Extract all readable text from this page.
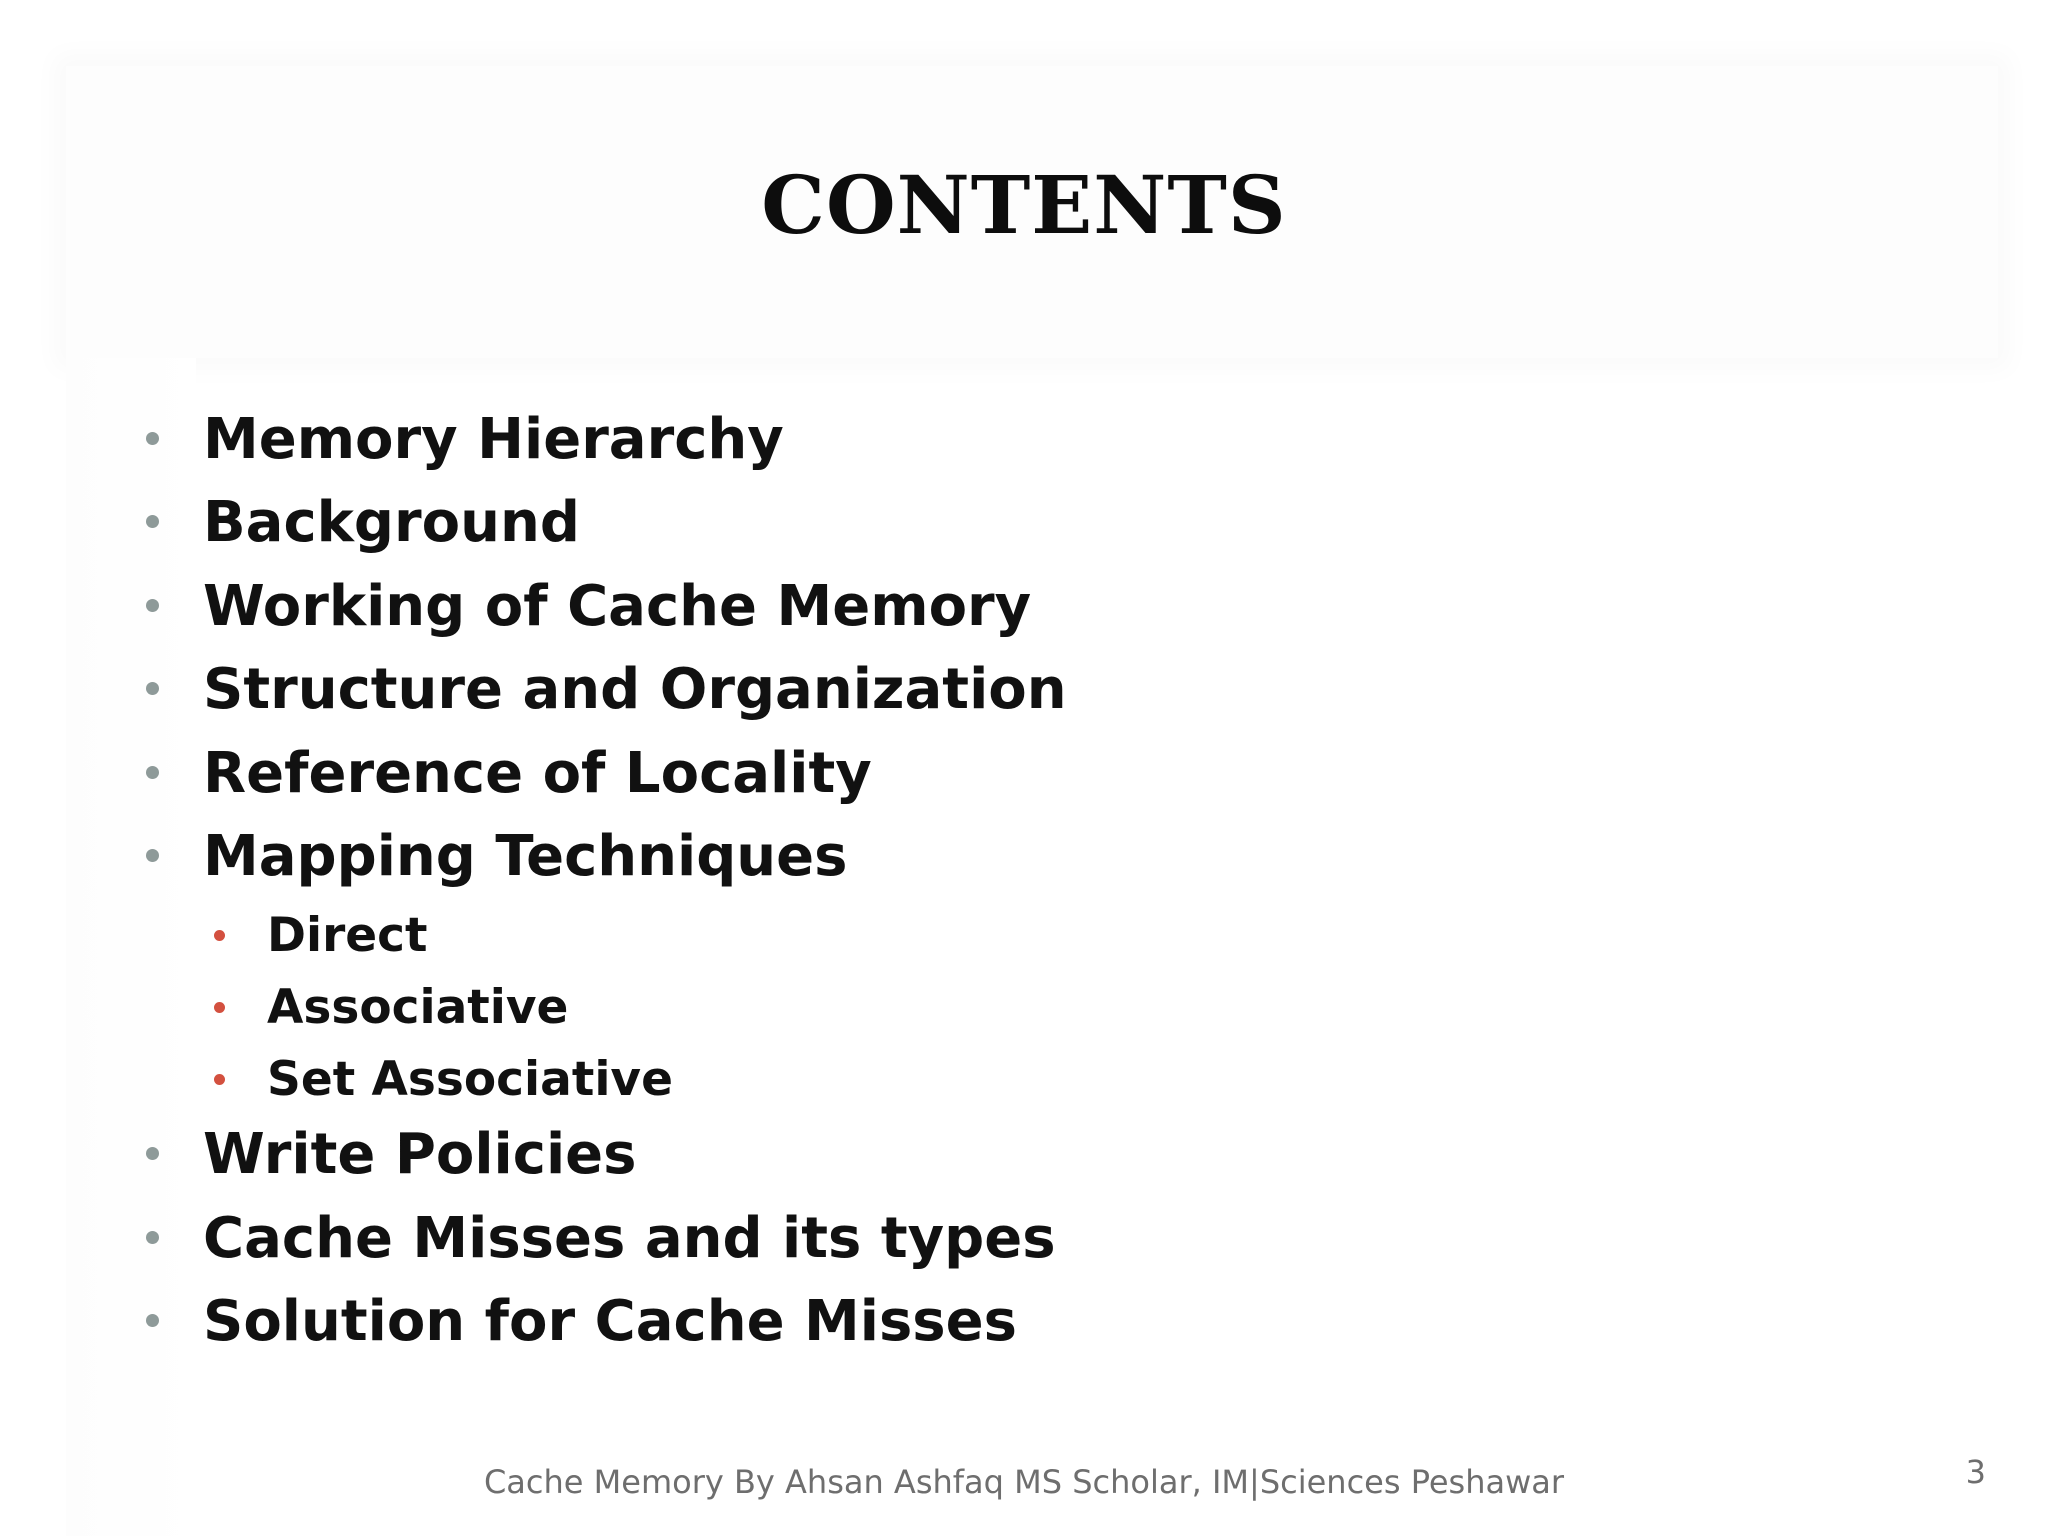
CONTENTS
Memory Hierarchy
Background
Working of Cache Memory
Structure and Organization
Reference of Locality
Mapping Techniques
Direct
Associative
Set Associative
Write Policies
Cache Misses and its types
Solution for Cache Misses
Cache Memory By Ahsan Ashfaq MS Scholar, IM|Sciences Peshawar	3
